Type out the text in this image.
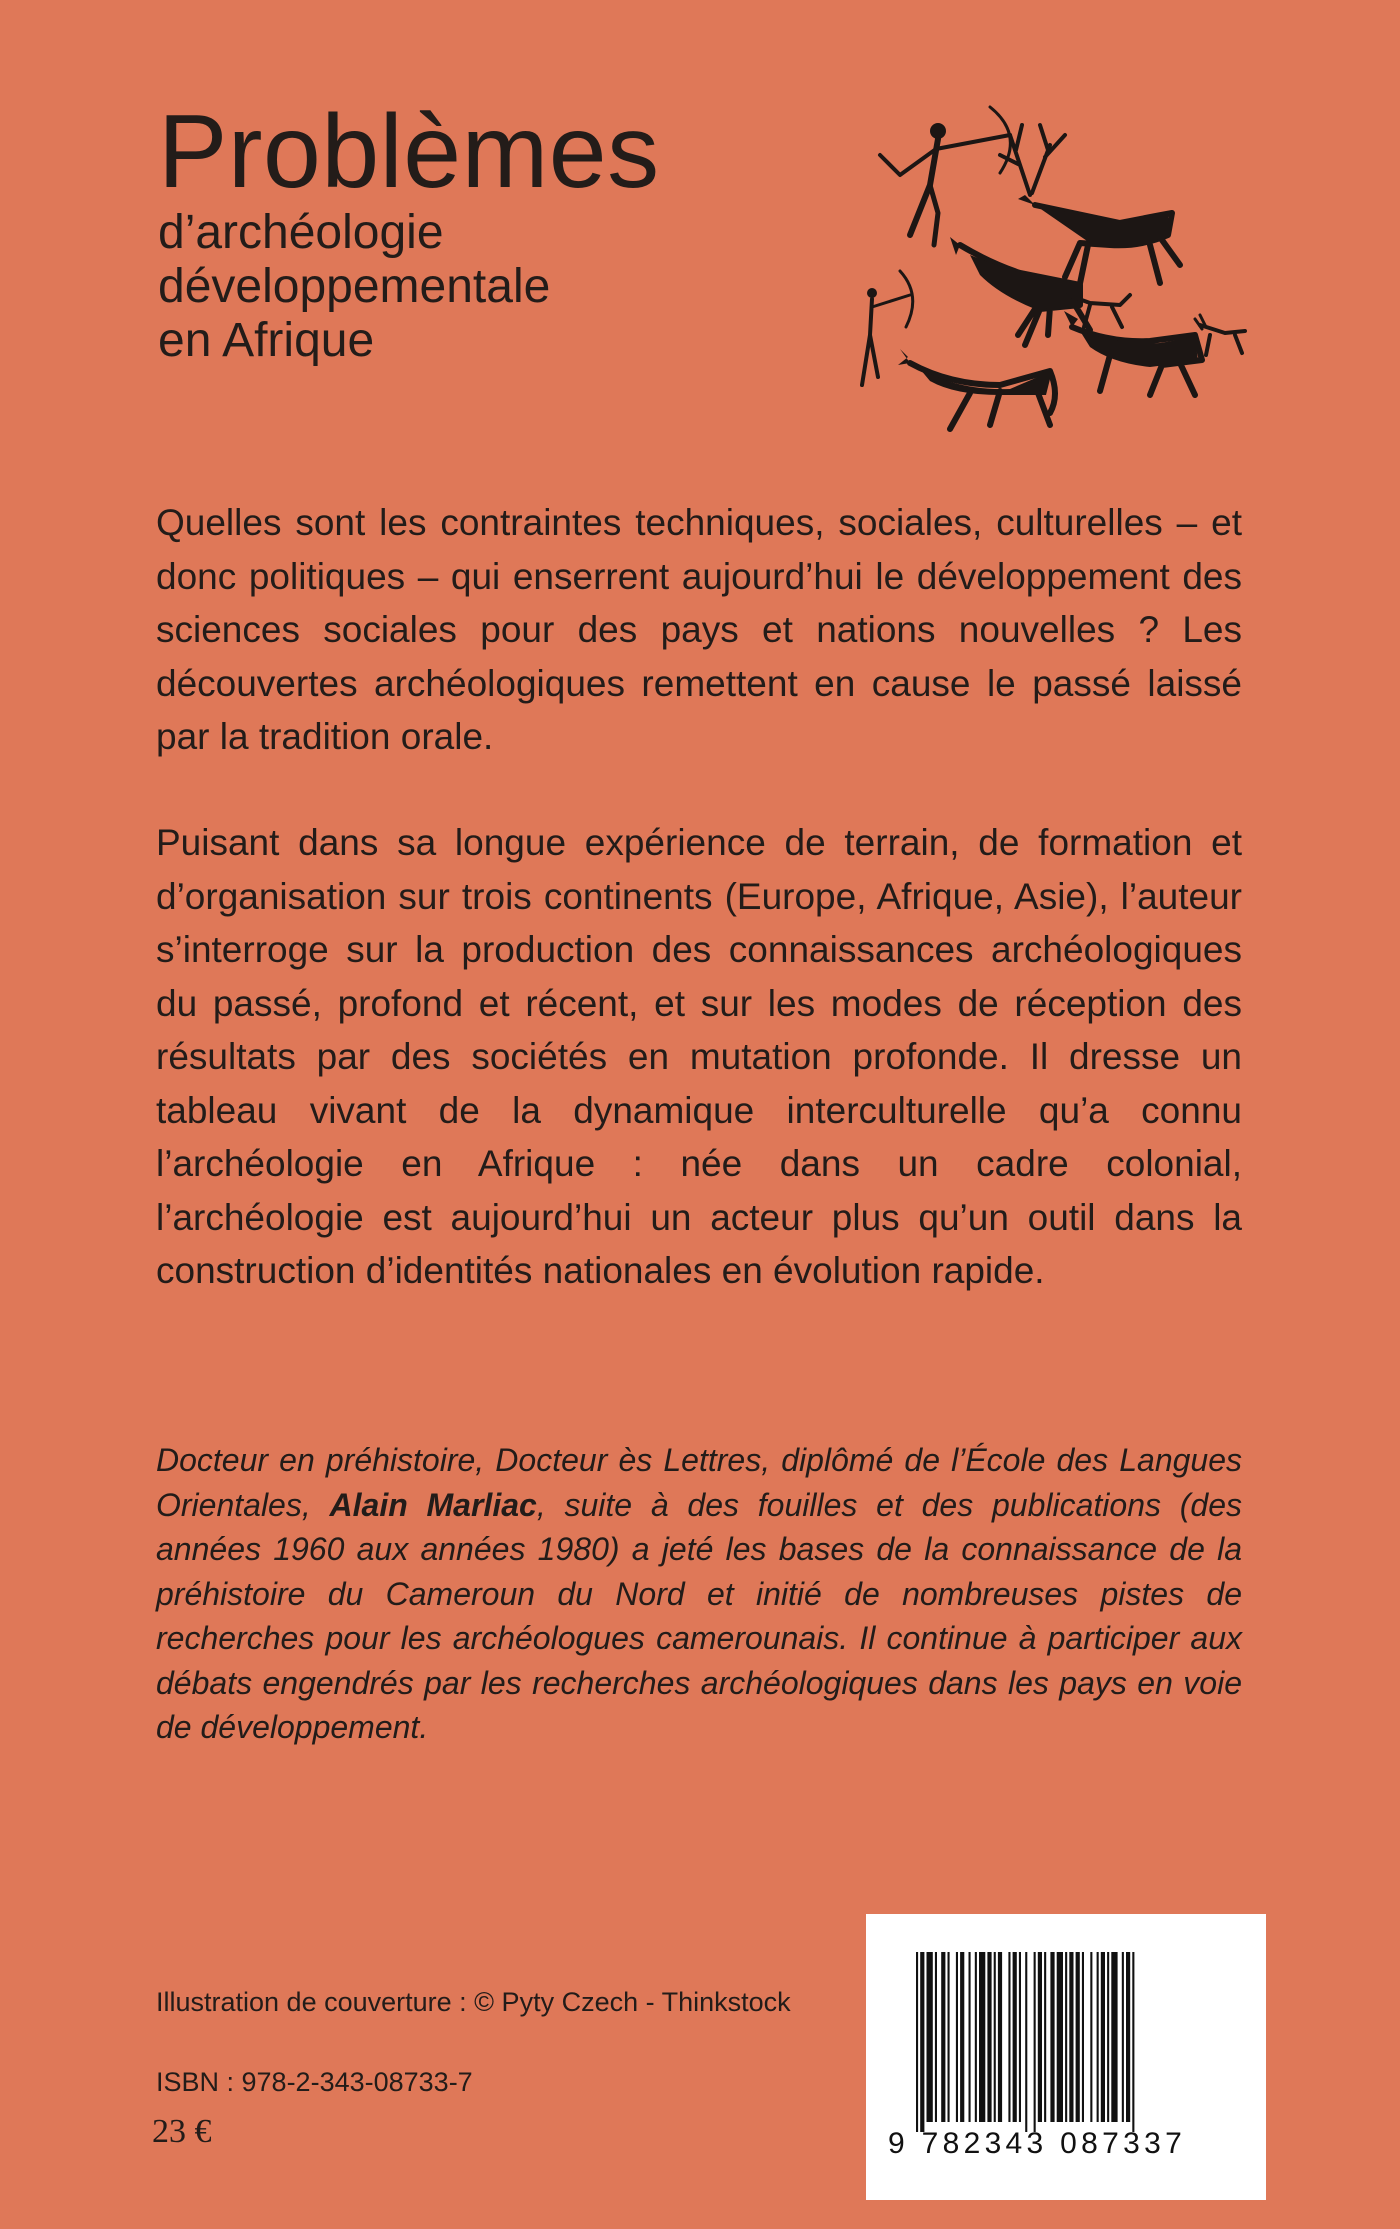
Problèmes
d’archéologie
développementale
en Afrique

Quelles sont les contraintes techniques, sociales, culturelles – et donc politiques – qui enserrent aujourd’hui le développement des sciences sociales pour des pays et nations nouvelles ? Les découvertes archéologiques remettent en cause le passé laissé par la tradition orale.

Puisant dans sa longue expérience de terrain, de formation et d’organisation sur trois continents (Europe, Afrique, Asie), l’auteur s’interroge sur la production des connaissances archéologiques du passé, profond et récent, et sur les modes de réception des résultats par des sociétés en mutation profonde. Il dresse un tableau vivant de la dynamique interculturelle qu’a connu l’archéologie en Afrique : née dans un cadre colonial, l’archéologie est aujourd’hui un acteur plus qu’un outil dans la construction d’identités nationales en évolution rapide.

Docteur en préhistoire, Docteur ès Lettres, diplômé de l’École des Langues Orientales, Alain Marliac, suite à des fouilles et des publications (des années 1960 aux années 1980) a jeté les bases de la connaissance de la préhistoire du Cameroun du Nord et initié de nombreuses pistes de recherches pour les archéologues camerounais. Il continue à participer aux débats engendrés par les recherches archéologiques dans les pays en voie de développement.

Illustration de couverture : © Pyty Czech - Thinkstock
ISBN : 978-2-343-08733-7
23 €	9 782343 087337
